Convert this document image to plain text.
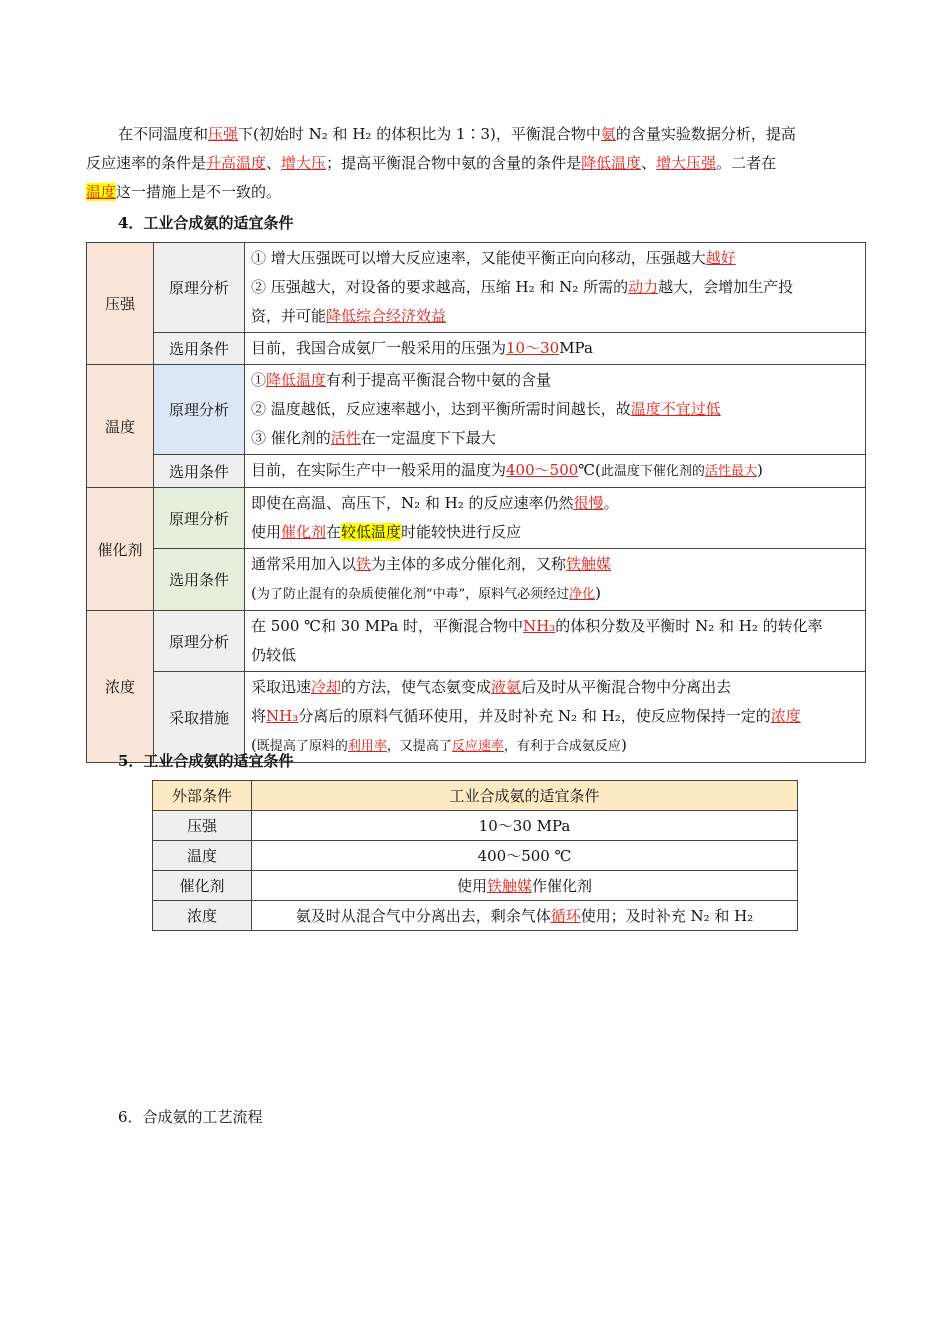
在不同温度和压强下(初始时 N₂ 和 H₂ 的体积比为 1∶3)，平衡混合物中氨的含量实验数据分析，提高
反应速率的条件是升高温度、增大压；提高平衡混合物中氨的含量的条件是降低温度、增大压强。二者在
温度这一措施上是不一致的。
4．工业合成氨的适宜条件
压强	原理分析	① 增大压强既可以增大反应速率，又能使平衡正向向移动，压强越大越好
② 压强越大，对设备的要求越高，压缩 H₂ 和 N₂ 所需的动力越大，会增加生产投
资，并可能降低综合经济效益

	选用条件	目前，我国合成氨厂一般采用的压强为10～30MPa
温度	原理分析	①降低温度有利于提高平衡混合物中氨的含量
② 温度越低，反应速率越小，达到平衡所需时间越长，故温度不宜过低
③ 催化剂的活性在一定温度下下最大

	选用条件	目前，在实际生产中一般采用的温度为400～500℃(此温度下催化剂的活性最大)
催化剂	原理分析	即使在高温、高压下，N₂ 和 H₂ 的反应速率仍然很慢。
使用催化剂在较低温度时能较快进行反应

	选用条件	通常采用加入以铁为主体的多成分催化剂，又称铁触媒
(为了防止混有的杂质使催化剂“中毒”，原料气必须经过净化)

浓度	原理分析	在 500 ℃和 30 MPa 时，平衡混合物中NH₃的体积分数及平衡时 N₂ 和 H₂ 的转化率
仍较低

	采取措施	采取迅速冷却的方法，使气态氨变成液氨后及时从平衡混合物中分离出去
将NH₃分离后的原料气循环使用，并及时补充 N₂ 和 H₂，使反应物保持一定的浓度
(既提高了原料的利用率，又提高了反应速率，有利于合成氨反应)
5．工业合成氨的适宜条件
外部条件	工业合成氨的适宜条件
压强	10～30 MPa
温度	400～500 ℃
催化剂	使用铁触媒作催化剂
浓度	氨及时从混合气中分离出去，剩余气体循环使用；及时补充 N₂ 和 H₂
6．合成氨的工艺流程
